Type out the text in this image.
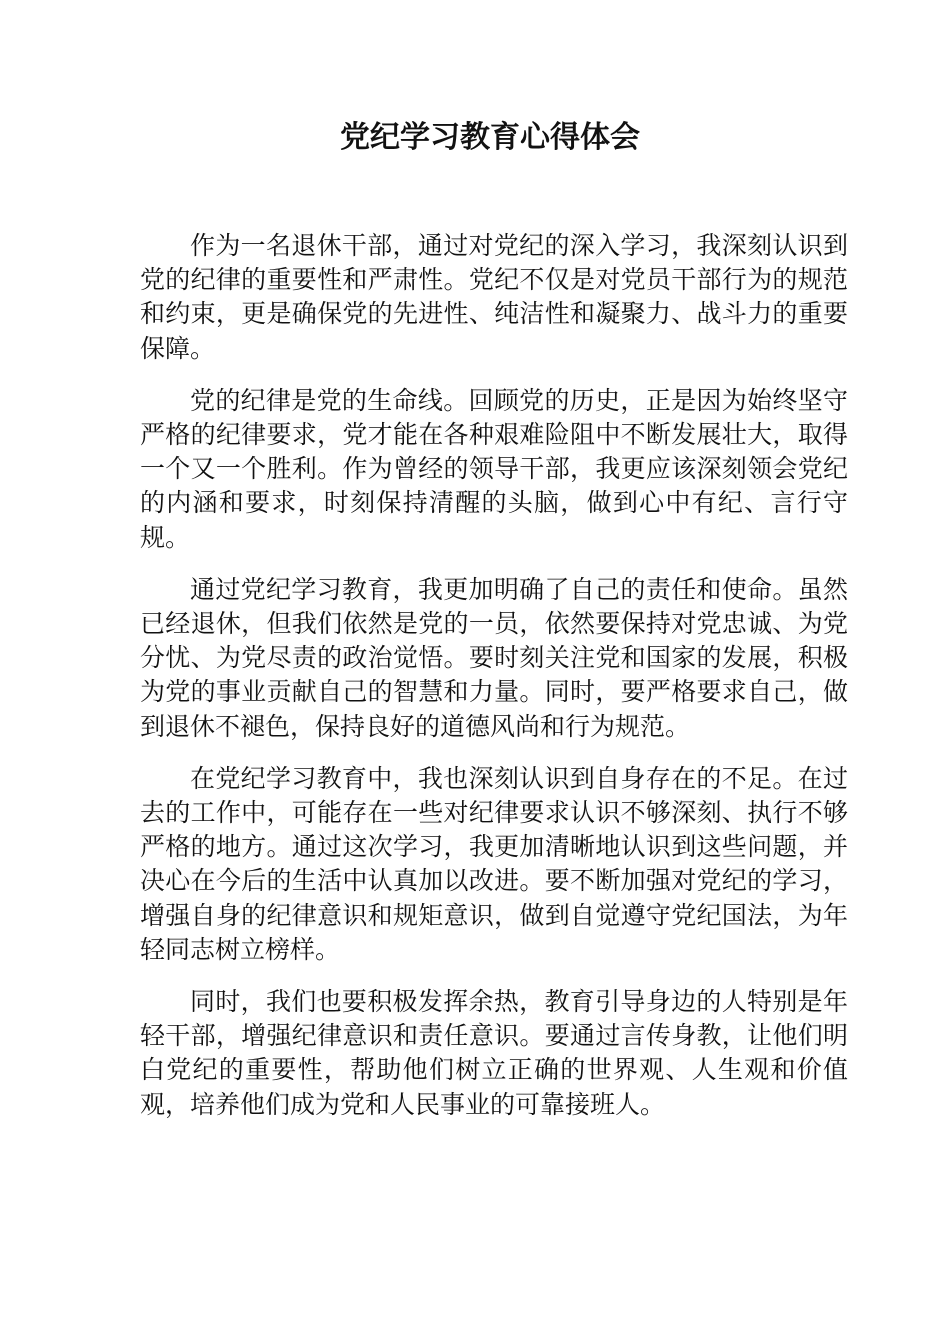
党纪学习教育心得体会

作为一名退休干部，通过对党纪的深入学习，我深刻认识到党的纪律的重要性和严肃性。党纪不仅是对党员干部行为的规范和约束，更是确保党的先进性、纯洁性和凝聚力、战斗力的重要保障。

党的纪律是党的生命线。回顾党的历史，正是因为始终坚守严格的纪律要求，党才能在各种艰难险阻中不断发展壮大，取得一个又一个胜利。作为曾经的领导干部，我更应该深刻领会党纪的内涵和要求，时刻保持清醒的头脑，做到心中有纪、言行守规。

通过党纪学习教育，我更加明确了自己的责任和使命。虽然已经退休，但我们依然是党的一员，依然要保持对党忠诚、为党分忧、为党尽责的政治觉悟。要时刻关注党和国家的发展，积极为党的事业贡献自己的智慧和力量。同时，要严格要求自己，做到退休不褪色，保持良好的道德风尚和行为规范。

在党纪学习教育中，我也深刻认识到自身存在的不足。在过去的工作中，可能存在一些对纪律要求认识不够深刻、执行不够严格的地方。通过这次学习，我更加清晰地认识到这些问题，并决心在今后的生活中认真加以改进。要不断加强对党纪的学习，增强自身的纪律意识和规矩意识，做到自觉遵守党纪国法，为年轻同志树立榜样。

同时，我们也要积极发挥余热，教育引导身边的人特别是年轻干部，增强纪律意识和责任意识。要通过言传身教，让他们明白党纪的重要性，帮助他们树立正确的世界观、人生观和价值观，培养他们成为党和人民事业的可靠接班人。
